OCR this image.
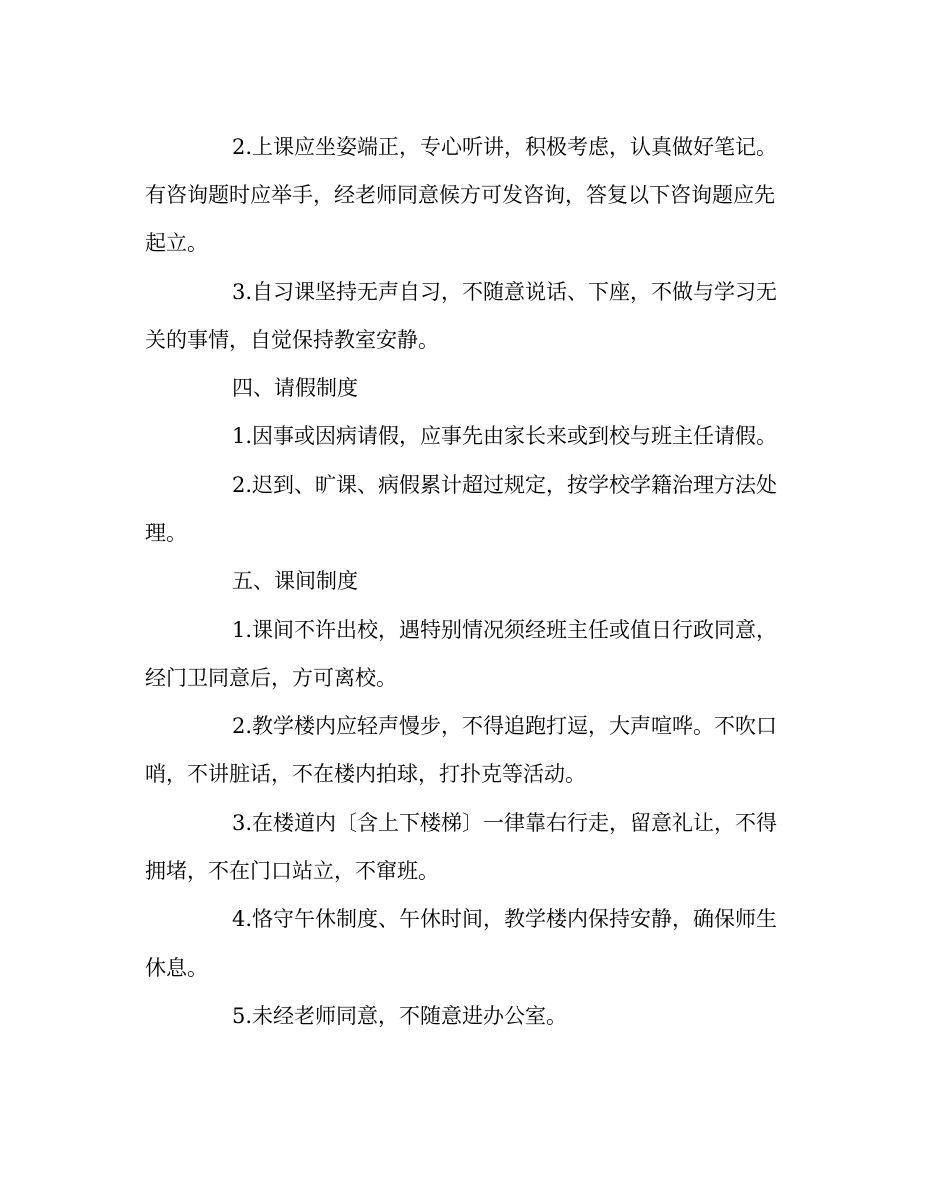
2.上课应坐姿端正，专心听讲，积极考虑，认真做好笔记。
有咨询题时应举手，经老师同意候方可发咨询，答复以下咨询题应先
起立。
3.自习课坚持无声自习，不随意说话、下座，不做与学习无
关的事情，自觉保持教室安静。
四、请假制度
1.因事或因病请假，应事先由家长来或到校与班主任请假。
2.迟到、旷课、病假累计超过规定，按学校学籍治理方法处
理。
五、课间制度
1.课间不许出校，遇特别情况须经班主任或值日行政同意，
经门卫同意后，方可离校。
2.教学楼内应轻声慢步，不得追跑打逗，大声喧哗。不吹口
哨，不讲脏话，不在楼内拍球，打扑克等活动。
3.在楼道内〔含上下楼梯〕一律靠右行走，留意礼让，不得
拥堵，不在门口站立，不窜班。
4.恪守午休制度、午休时间，教学楼内保持安静，确保师生
休息。
5.未经老师同意，不随意进办公室。
